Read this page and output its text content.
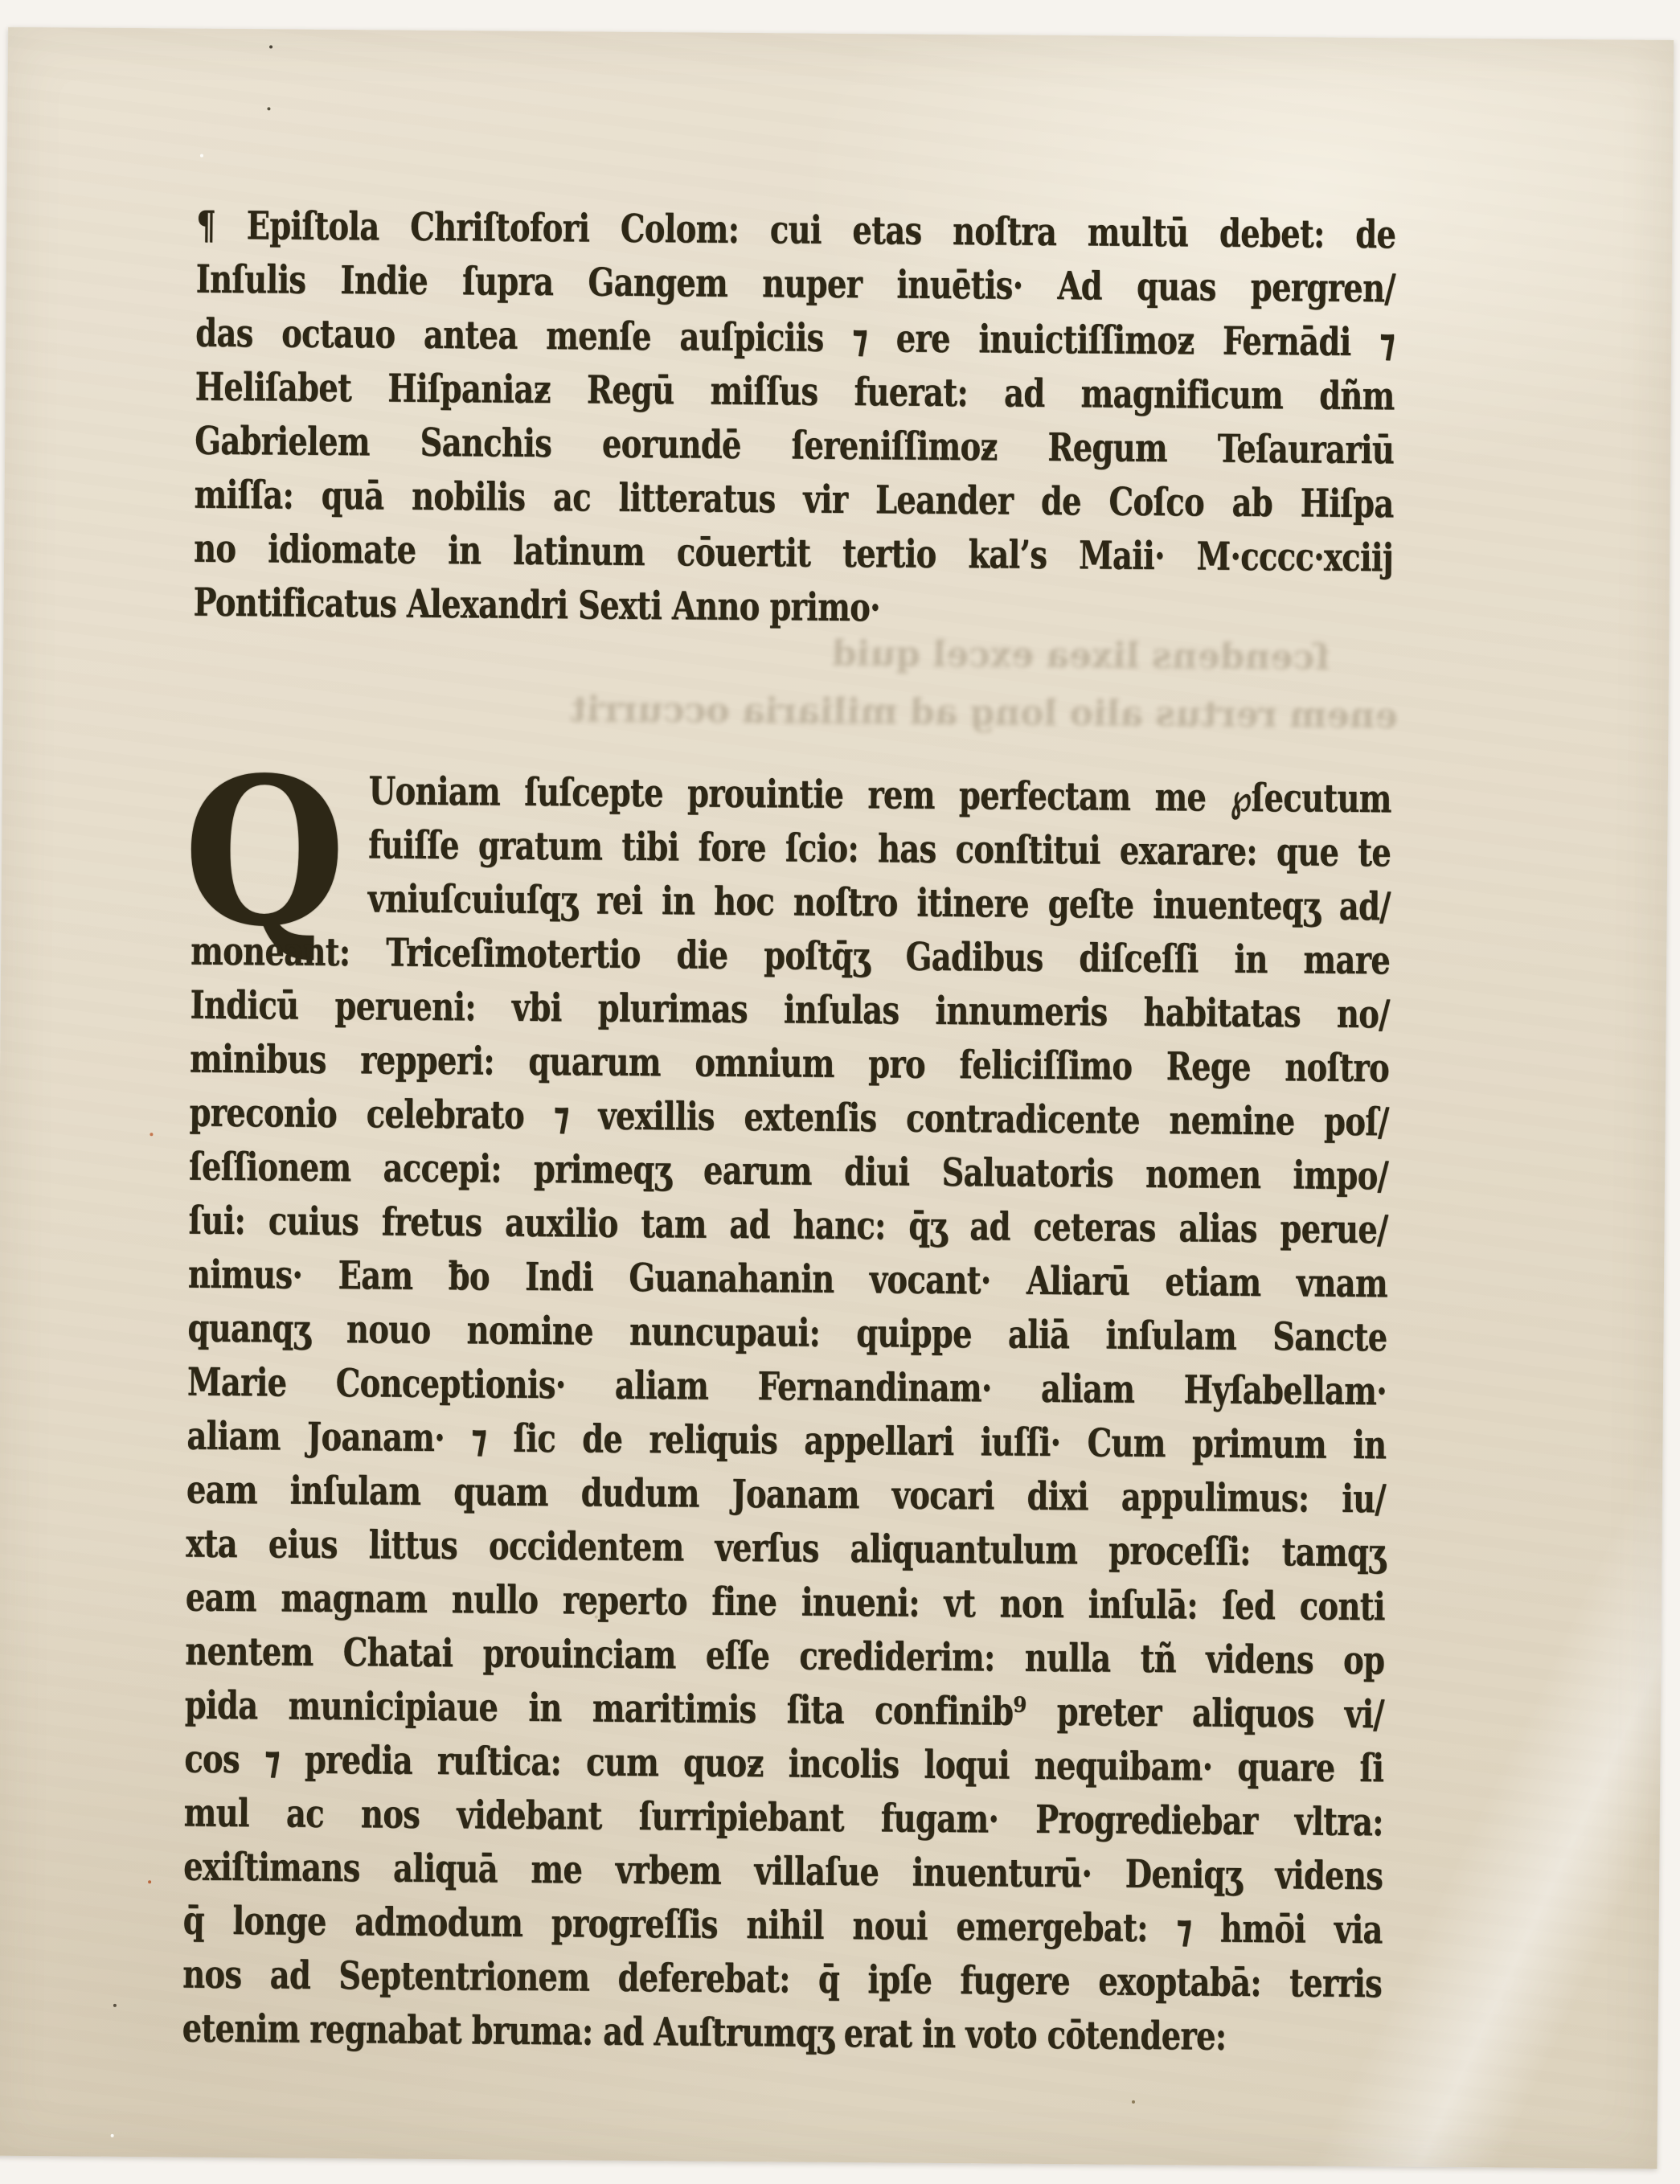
ſcendens lixea excel quid
enem rertus alio long ad miliaria occurrit
¶ Epiſtola Chriſtofori Colom: cui etas noſtra multū debet: de
Inſulis Indie ſupra Gangem nuper inuētis· Ad quas pergren∕
das octauo antea menſe auſpiciis ⁊ ere inuictiſſimoƶ Fernādi ⁊
Heliſabet Hiſpaniaƶ Regū miſſus fuerat: ad magnificum dñm
Gabrielem Sanchis eorundē ſereniſſimoƶ Regum Teſaurariū
miſſa: quā nobilis ac litteratus vir Leander de Coſco ab Hiſpa
no idiomate in latinum cōuertit tertio kal’s Maii· M·cccc·xciij
Pontificatus Alexandri Sexti Anno primo·
Q Uoniam ſuſcepte prouintie rem perfectam me ℘ſecutum
fuiſſe gratum tibi fore ſcio: has conſtitui exarare: que te
vniuſcuiuſqʒ rei in hoc noſtro itinere geſte inuenteqʒ ad∕
moneant: Triceſimotertio die poſtq̄ʒ Gadibus diſceſſi in mare
Indicū perueni: vbi plurimas inſulas innumeris habitatas no∕
minibus repperi: quarum omnium pro feliciſſimo Rege noſtro
preconio celebrato ⁊ vexillis extenſis contradicente nemine poſ∕
ſeſſionem accepi: primeqʒ earum diui Saluatoris nomen impo∕
ſui: cuius fretus auxilio tam ad hanc: q̄ʒ ad ceteras alias perue∕
nimus· Eam ƀo Indi Guanahanin vocant· Aliarū etiam vnam
quanqʒ nouo nomine nuncupaui: quippe aliā inſulam Sancte
Marie Conceptionis· aliam Fernandinam· aliam Hyſabellam·
aliam Joanam· ⁊ ſic de reliquis appellari iuſſi· Cum primum in
eam inſulam quam dudum Joanam vocari dixi appulimus: iu∕
xta eius littus occidentem verſus aliquantulum proceſſi: tamqʒ
eam magnam nullo reperto fine inueni: vt non inſulā: ſed conti
nentem Chatai prouinciam eſſe crediderim: nulla tñ videns op
pida municipiaue in maritimis ſita confinib⁹ preter aliquos vi∕
cos ⁊ predia ruſtica: cum quoƶ incolis loqui nequibam· quare ſi
mul ac nos videbant ſurripiebant fugam· Progrediebar vltra:
exiſtimans aliquā me vrbem villaſue inuenturū· Deniqʒ videns
q̄ longe admodum progreſſis nihil noui emergebat: ⁊ hmōi via
nos ad Septentrionem deferebat: q̄ ipſe fugere exoptabā: terris
etenim regnabat bruma: ad Auſtrumqʒ erat in voto cōtendere:
